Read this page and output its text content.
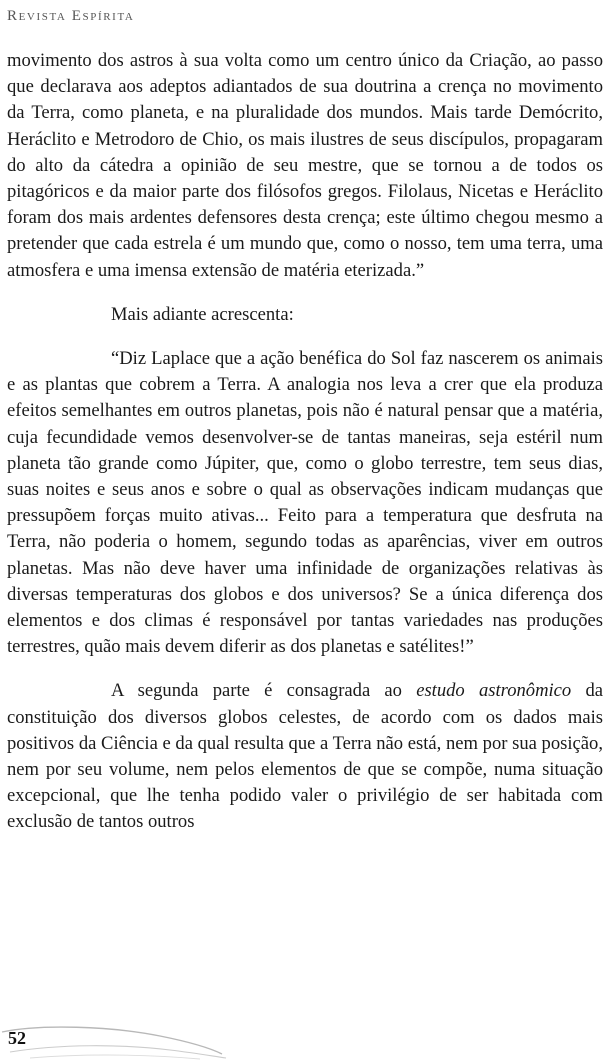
Revista Espírita

movimento dos astros à sua volta como um centro único da Criação, ao passo que declarava aos adeptos adiantados de sua doutrina a crença no movimento da Terra, como planeta, e na pluralidade dos mundos. Mais tarde Demócrito, Heráclito e Metrodoro de Chio, os mais ilustres de seus discípulos, propagaram do alto da cátedra a opinião de seu mestre, que se tornou a de todos os pitagóricos e da maior parte dos filósofos gregos. Filolaus, Nicetas e Heráclito foram dos mais ardentes defensores desta crença; este último chegou mesmo a pretender que cada estrela é um mundo que, como o nosso, tem uma terra, uma atmosfera e uma imensa extensão de matéria eterizada.”

Mais adiante acrescenta:

“Diz Laplace que a ação benéfica do Sol faz nascerem os animais e as plantas que cobrem a Terra. A analogia nos leva a crer que ela produza efeitos semelhantes em outros planetas, pois não é natural pensar que a matéria, cuja fecundidade vemos desenvolver-se de tantas maneiras, seja estéril num planeta tão grande como Júpiter, que, como o globo terrestre, tem seus dias, suas noites e seus anos e sobre o qual as observações indicam mudanças que pressupõem forças muito ativas... Feito para a temperatura que desfruta na Terra, não poderia o homem, segundo todas as aparências, viver em outros planetas. Mas não deve haver uma infinidade de organizações relativas às diversas temperaturas dos globos e dos universos? Se a única diferença dos elementos e dos climas é responsável por tantas variedades nas produções terrestres, quão mais devem diferir as dos planetas e satélites!”

A segunda parte é consagrada ao estudo astronômico da constituição dos diversos globos celestes, de acordo com os dados mais positivos da Ciência e da qual resulta que a Terra não está, nem por sua posição, nem por seu volume, nem pelos elementos de que se compõe, numa situação excepcional, que lhe tenha podido valer o privilégio de ser habitada com exclusão de tantos outros

52
